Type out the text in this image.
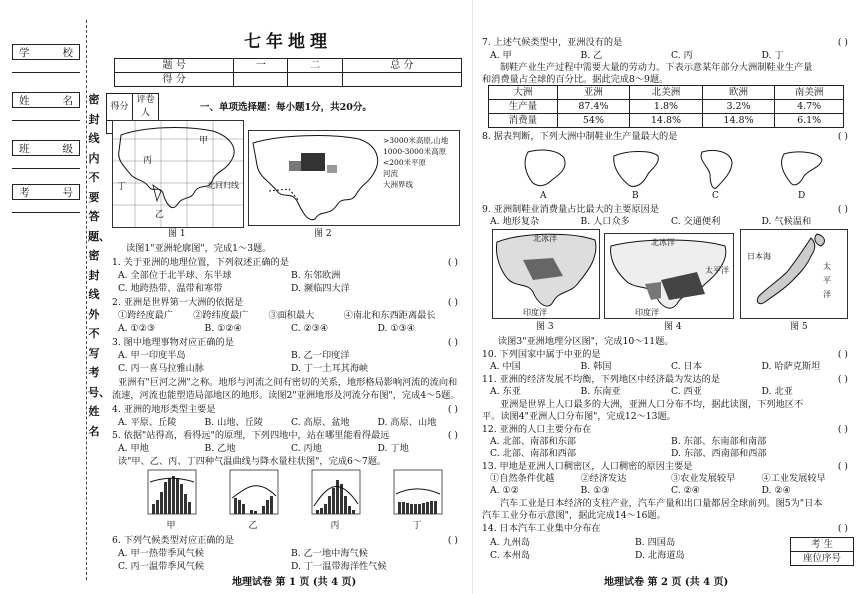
学	校
姓	名
班	级
考	号
密封线内不要答题、密封线外不写考号、姓名
七年地理
题 号	一	二	总 分
得 分			
得分	评卷人
		一、单项选择题：每小题1分，共20分。
甲
丙
丁
乙
北回归线
图 1
>3000米高原,山地
1000-3000米高原
<200米平原
河流
大洲界线
图 2
读图1"亚洲轮廓图"，完成1～3题。
1. 关于亚洲的地理位置，下列叙述正确的是	( )
A. 全部位于北半球、东半球	B. 东邻欧洲
C. 地跨热带、温带和寒带	D. 濒临四大洋
2. 亚洲是世界第一大洲的依据是	( )
①跨经度最广	②跨纬度最广	③面积最大	④南北和东西距离最长
A. ①②③	B. ①②④	C. ②③④	D. ①③④
3. 图中地理事物对应正确的是	( )
A. 甲一印度半岛	B. 乙一印度洋
C. 丙一喜马拉雅山脉	D. 丁一土耳其海峡
亚洲有"巨河之洲"之称。地形与河流之间有密切的关系，地形格局影响河流的流向和
流速，河流也能塑造局部地区的地形。读图2"亚洲地形及河流分布图"，完成4～5题。
4. 亚洲的地形类型主要是	( )
A. 平原、丘陵	B. 山地、丘陵	C. 高原、盆地	D. 高原、山地
5. 依据"站得高，看得远"的原理，下列四地中，站在哪里能看得最远	( )
A. 甲地	B. 乙地	C. 丙地	D. 丁地
读"甲、乙、丙、丁四种气温曲线与降水量柱状图"，完成6～7题。
甲	乙	丙	丁
6. 下列气候类型对应正确的是	( )
A. 甲一热带季风气候	B. 乙一地中海气候
C. 丙一温带季风气候	D. 丁一温带海洋性气候
地理试卷 第 1 页 (共 4 页)
7. 上述气候类型中，亚洲没有的是	( )
A. 甲	B. 乙	C. 丙	D. 丁
制鞋产业生产过程中需要大量的劳动力。下表示意某年部分大洲制鞋业生产量
和消费量占全球的百分比。据此完成8～9题。
大洲	亚洲	北美洲	欧洲	南美洲
生产量	87.4%	1.8%	3.2%	4.7%
消费量	54%	14.8%	14.8%	6.1%
8. 据表判断，下列大洲中制鞋业生产量最大的是	( )
A	B	C	D
9. 亚洲制鞋业消费量占比最大的主要原因是	( )
A. 地形复杂	B. 人口众多	C. 交通便利	D. 气候温和
北冰洋
印度洋
图 3
北冰洋
太平洋
印度洋
图 4
太
平
洋
日本海
图 5
读图3"亚洲地理分区图"，完成10～11题。
10. 下列国家中属于中亚的是	( )
A. 中国	B. 韩国	C. 日本	D. 哈萨克斯坦
11. 亚洲的经济发展不均衡，下列地区中经济最为发达的是	( )
A. 东亚	B. 东南亚	C. 西亚	D. 北亚
亚洲是世界上人口最多的大洲，亚洲人口分布不均，据此读图，下列地区不
平。读图4"亚洲人口分布图"，完成12～13题。
12. 亚洲的人口主要分布在	( )
A. 北部、南部和东部	B. 东部、东南部和南部
C. 北部、南部和西部	D. 东部、西南部和西部
13. 甲地是亚洲人口稠密区，人口稠密的原因主要是	( )
①自然条件优越	②经济发达	③农业发展较早	④工业发展较早
A. ①②	B. ①③	C. ②④	D. ②④
汽车工业是日本经济的支柱产业，汽车产量和出口量都居全球前列。图5为"日本
汽车工业分布示意图"，据此完成14～16题。
14. 日本汽车工业集中分布在	( )
A. 九州岛	B. 四国岛
C. 本州岛	D. 北海道岛
考 生
座位序号
地理试卷 第 2 页 (共 4 页)
